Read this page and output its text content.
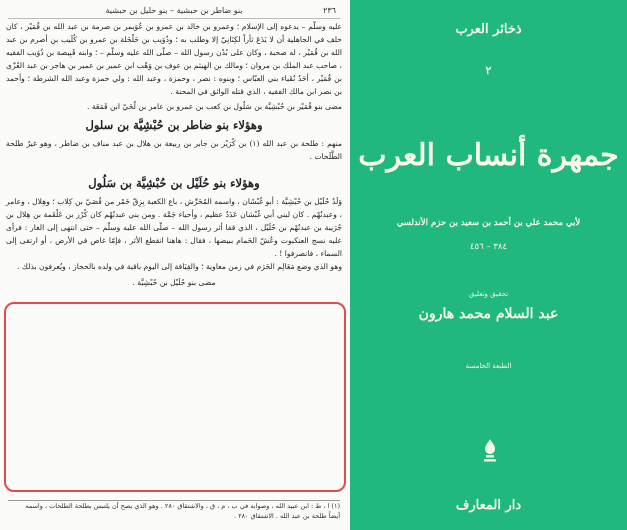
٢٣٦
بنو ضاطر بن حبشية – بنو حليل بن حبشية

عليه وسلّم – يدعوه إلى الإسلام ؛ وعمرو بن خالد بن عمرو بن عُوَيمر بن صرمة بن عبد الله بن قُمَيْر ، كان حلف في الجاهلية أن لا يَدَعَ ثأراً لكِنَانِيّ إلا وطلب به ؛ وذُوَيب بن حَلْحَلة بن عمرو بن كُلَيب بن أصرم بن عبد الله بن قُمَيْر ، له صحبة ، وكان على بُدْن رسول الله – صلّى الله عليه وسلّم – ؛ وابنه قَبِيصة بن ذُوَيب الفقيه ، صاحب عبد الملك بن مروان ؛ ومالك بن الهيثم بن عوف بن وَهْب ابن عمير بن عمير بن هاجر بن عبد العُزّى بن قُمَيْر ، أحَدُ نُقَباء بني العبّاس ؛ وبنوه : نصر ، وحمزة ، وعبد الله : ولي حمزة وعبد الله الشرطة ؛ وأحمد بن نصر ابن مالك الفقيه ، الذي قتله الواثق في المحنة .

مضى بنو قُمَيْر بن حُبْشِيَّة بن سَلُول بن كعب بن عمرو بن عامر بن لُحَيّ ابن قَمَعَة .

وهؤلاء بنو ضاطر بن حُبْشِيَّة بن سلول

منهم : طلحة بن عبد الله (١) بن كُرَيْز بن جابر بن ربيعة بن هلال بن عبد مناف بن ضاطر ، وهو غيرُ طلحة الطَّلَحات .

وهؤلاء بنو حُلَيْل بن حُبْشِيَّة بن سَلُول

وَلَدُ حُلَيْل بن حُبْشِيَّة : أبو غُبْشَان ، واسمه المُحَرِّش ، باع الكعبة بِزِقّ خَمْر من قُصَيّ بن كِلاب ؛ وهِلال ، وعامر ، وعبدنُهْم . كان لبني أبي غُبْشان عَدَدٌ عظيم ، وأحياء جَمَّة . ومن بني عبدنُهْم كان كُرْز بن عَلْقَمة بن هِلال بن جُرَيبة بن عبدنُهْم بن حُلَيْل ، الذي قفا أثر رسول الله – صلّى الله عليه وسلّم – حتى انتهى إلى الغار : فرأى عليه نسج العنكبوت وعُشّ الحَمام ببيضها ، فقال : هاهنا انقطع الأثر ، فإمّا غاص في الأرض ، أو ارتقى إلى السماء ، فانصرفوا ! .

وهو الذي وضع مَعَالِم الحَرَم في زمن معاوية ؛ والقِيَافة إلى اليوم باقية في ولده بالحجاز ، ويُعرفون بذلك .

مضى بنو حُلَيْل بن حُبْشِيَّة .

(١) ا ، ط : ابن عبيد الله ، وصوابه في ب ، م ، ق ، والاشتقاق ٢٨٠ . وهو الذي يصح أن يلتبس بطلحة الطلحات ، واسمه

أيضاً طلحة بن عبد الله . الاشتقاق ٢٨٠ .

ذخائر العرب
٢
جمهرة أنساب العرب
لأبي محمد علي بن أحمد بن سعيد بن حزم الأندلسي
٣٨٤ – ٤٥٦
تحقيق وتعليق
عبد السلام محمد هارون
الطبعة الخامسة
دار المعارف
